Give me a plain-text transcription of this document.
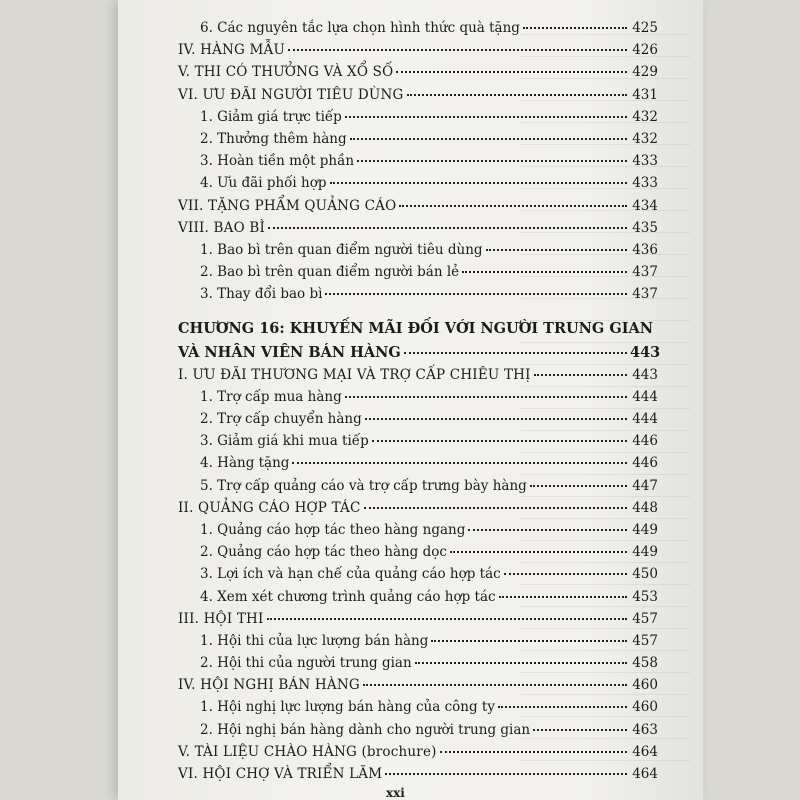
6. Các nguyên tắc lựa chọn hình thức quà tặng	425
IV. HÀNG MẪU	426
V. THI CÓ THƯỞNG VÀ XỔ SỐ	429
VI. ƯU ĐÃI NGƯỜI TIÊU DÙNG	431
1. Giảm giá trực tiếp	432
2. Thưởng thêm hàng	432
3. Hoàn tiền một phần	433
4. Ưu đãi phối hợp	433
VII. TẶNG PHẨM QUẢNG CÁO	434
VIII. BAO BÌ	435
1. Bao bì trên quan điểm người tiêu dùng	436
2. Bao bì trên quan điểm người bán lẻ	437
3. Thay đổi bao bì	437
CHƯƠNG 16: KHUYẾN MÃI ĐỐI VỚI NGƯỜI TRUNG GIAN
VÀ NHÂN VIÊN BÁN HÀNG	443
I. ƯU ĐÃI THƯƠNG MẠI VÀ TRỢ CẤP CHIÊU THỊ	443
1. Trợ cấp mua hàng	444
2. Trợ cấp chuyển hàng	444
3. Giảm giá khi mua tiếp	446
4. Hàng tặng	446
5. Trợ cấp quảng cáo và trợ cấp trưng bày hàng	447
II. QUẢNG CÁO HỢP TÁC	448
1. Quảng cáo hợp tác theo hàng ngang	449
2. Quảng cáo hợp tác theo hàng dọc	449
3. Lợi ích và hạn chế của quảng cáo hợp tác	450
4. Xem xét chương trình quảng cáo hợp tác	453
III. HỘI THI	457
1. Hội thi của lực lượng bán hàng	457
2. Hội thi của người trung gian	458
IV. HỘI NGHỊ BÁN HÀNG	460
1. Hội nghị lực lượng bán hàng của công ty	460
2. Hội nghị bán hàng dành cho người trung gian	463
V. TÀI LIỆU CHÀO HÀNG (brochure)	464
VI. HỘI CHỢ VÀ TRIỂN LÃM	464
xxi
